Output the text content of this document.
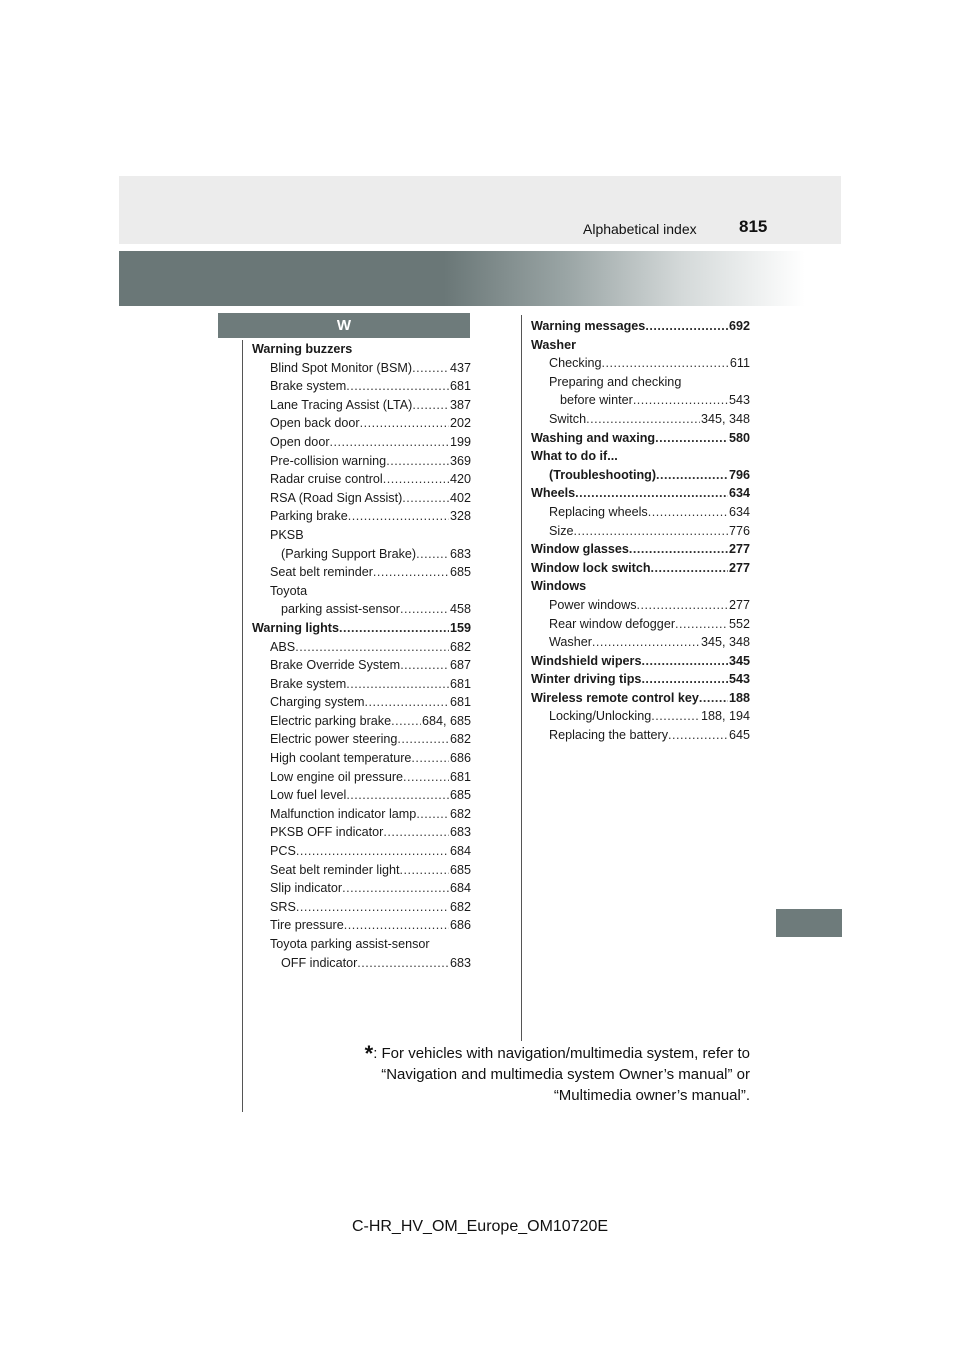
Alphabetical index 815
W
Warning buzzers
Blind Spot Monitor (BSM) .....	437
Brake system .....	681
Lane Tracing Assist (LTA) .....	387
Open back door .....	202
Open door .....	199
Pre-collision warning .....	369
Radar cruise control .....	420
RSA (Road Sign Assist) .....	402
Parking brake .....	328
PKSB
(Parking Support Brake) .....	683
Seat belt reminder .....	685
Toyota
parking assist-sensor .....	458
Warning lights .....	159
ABS .....	682
Brake Override System .....	687
Brake system .....	681
Charging system .....	681
Electric parking brake ..... 684, 685
Electric power steering .....	682
High coolant temperature .....	686
Low engine oil pressure .....	681
Low fuel level .....	685
Malfunction indicator lamp .....	682
PKSB OFF indicator .....	683
PCS .....	684
Seat belt reminder light .....	685
Slip indicator .....	684
SRS .....	682
Tire pressure .....	686
Toyota parking assist-sensor
OFF indicator .....	683
Warning messages .....	692
Washer
Checking .....	611
Preparing and checking
before winter .....	543
Switch .....	345, 348
Washing and waxing .....	580
What to do if...
(Troubleshooting) .....	796
Wheels .....	634
Replacing wheels .....	634
Size .....	776
Window glasses .....	277
Window lock switch .....	277
Windows
Power windows .....	277
Rear window defogger .....	552
Washer .....	345, 348
Windshield wipers .....	345
Winter driving tips .....	543
Wireless remote control key ..... 188
Locking/Unlocking .....	188, 194
Replacing the battery .....	645
*: For vehicles with navigation/multimedia system, refer to
“Navigation and multimedia system Owner’s manual” or
“Multimedia owner’s manual”.
C-HR_HV_OM_Europe_OM10720E
